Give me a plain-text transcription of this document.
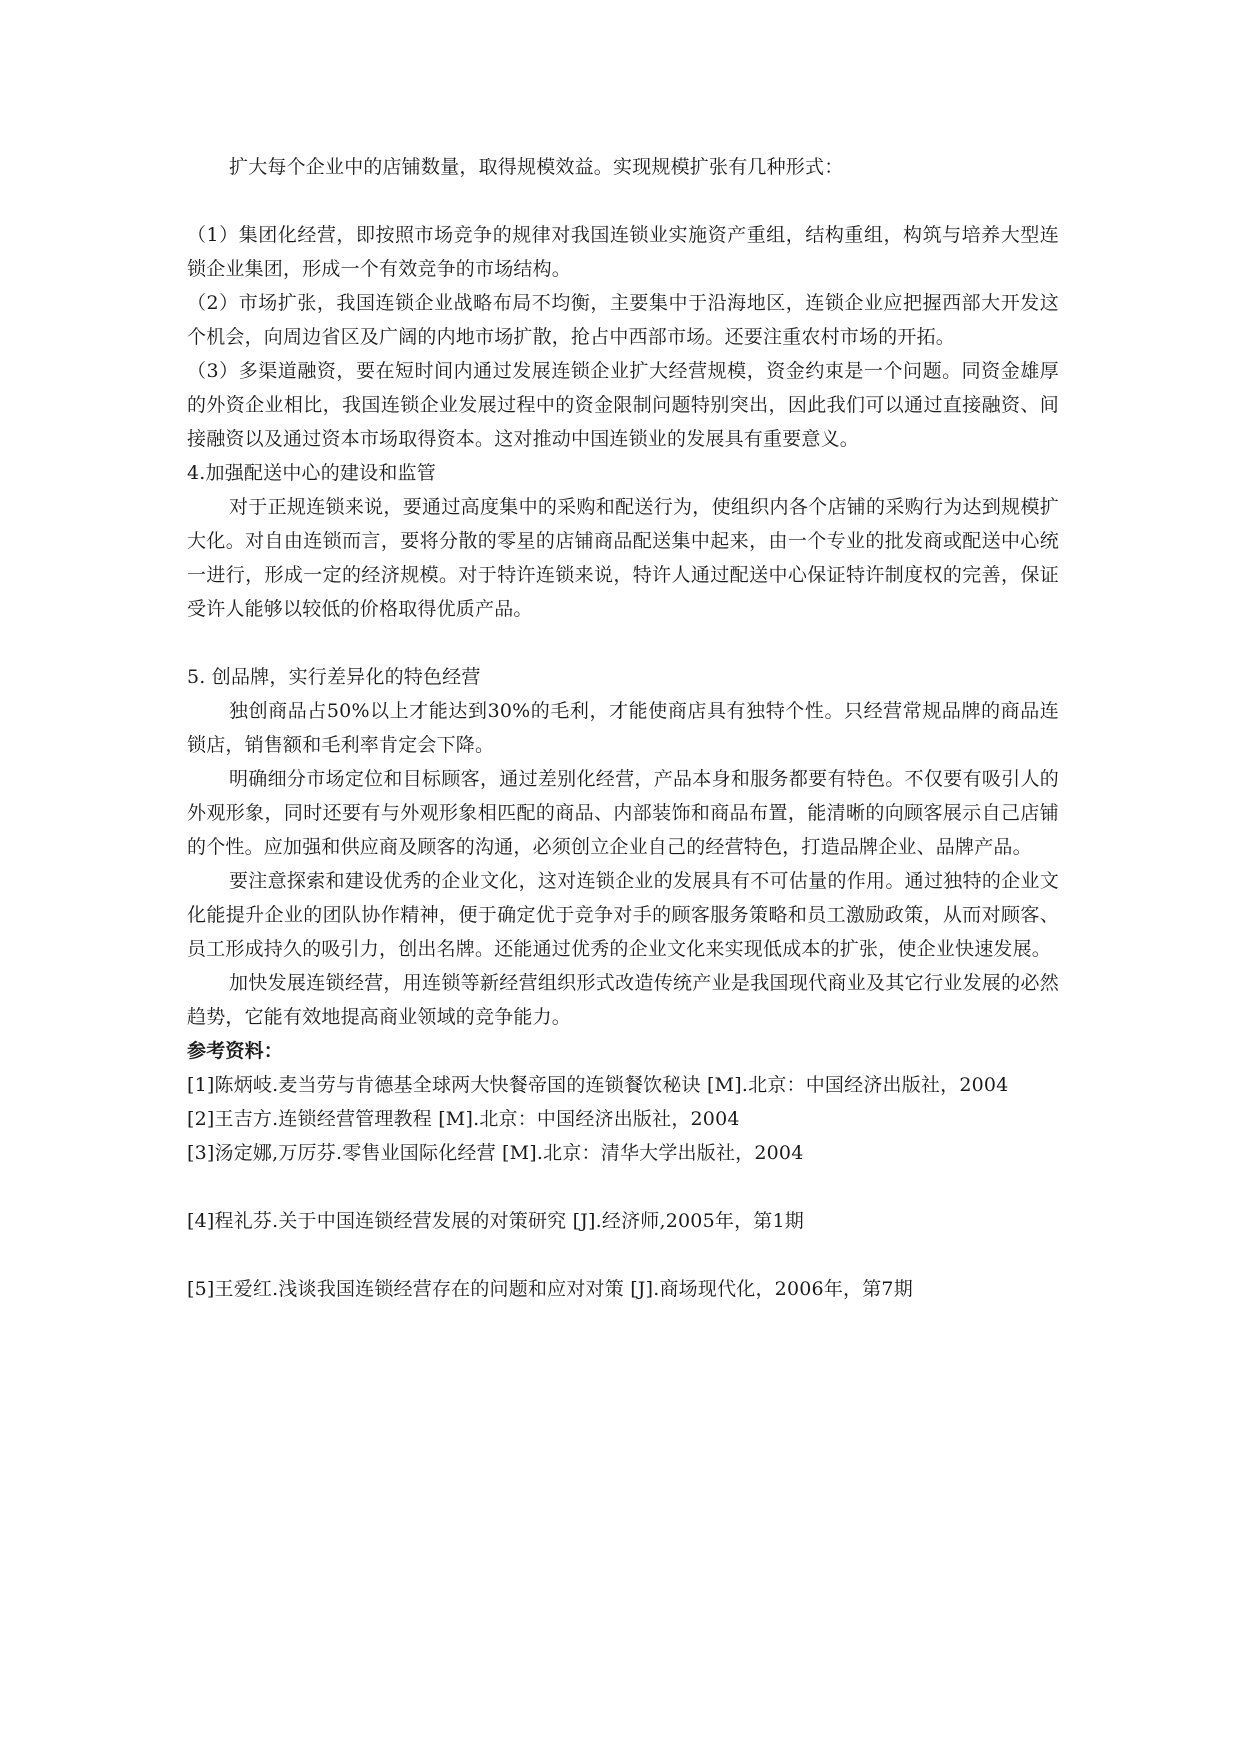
扩大每个企业中的店铺数量，取得规模效益。实现规模扩张有几种形式：

（1）集团化经营，即按照市场竞争的规律对我国连锁业实施资产重组，结构重组，构筑与培养大型连锁企业集团，形成一个有效竞争的市场结构。

（2）市场扩张，我国连锁企业战略布局不均衡，主要集中于沿海地区，连锁企业应把握西部大开发这个机会，向周边省区及广阔的内地市场扩散，抢占中西部市场。还要注重农村市场的开拓。

（3）多渠道融资，要在短时间内通过发展连锁企业扩大经营规模，资金约束是一个问题。同资金雄厚的外资企业相比，我国连锁企业发展过程中的资金限制问题特别突出，因此我们可以通过直接融资、间接融资以及通过资本市场取得资本。这对推动中国连锁业的发展具有重要意义。

4.加强配送中心的建设和监管

对于正规连锁来说，要通过高度集中的采购和配送行为，使组织内各个店铺的采购行为达到规模扩大化。对自由连锁而言，要将分散的零星的店铺商品配送集中起来，由一个专业的批发商或配送中心统一进行，形成一定的经济规模。对于特许连锁来说，特许人通过配送中心保证特许制度权的完善，保证受许人能够以较低的价格取得优质产品。

5. 创品牌，实行差异化的特色经营

独创商品占50%以上才能达到30%的毛利，才能使商店具有独特个性。只经营常规品牌的商品连锁店，销售额和毛利率肯定会下降。

明确细分市场定位和目标顾客，通过差别化经营，产品本身和服务都要有特色。不仅要有吸引人的外观形象，同时还要有与外观形象相匹配的商品、内部装饰和商品布置，能清晰的向顾客展示自己店铺的个性。应加强和供应商及顾客的沟通，必须创立企业自己的经营特色，打造品牌企业、品牌产品。

要注意探索和建设优秀的企业文化，这对连锁企业的发展具有不可估量的作用。通过独特的企业文化能提升企业的团队协作精神，便于确定优于竞争对手的顾客服务策略和员工激励政策，从而对顾客、员工形成持久的吸引力，创出名牌。还能通过优秀的企业文化来实现低成本的扩张，使企业快速发展。

加快发展连锁经营，用连锁等新经营组织形式改造传统产业是我国现代商业及其它行业发展的必然趋势，它能有效地提高商业领域的竞争能力。

参考资料：

[1]陈炳岐.麦当劳与肯德基全球两大快餐帝国的连锁餐饮秘诀 [M].北京：中国经济出版社，2004

[2]王吉方.连锁经营管理教程 [M].北京：中国经济出版社，2004

[3]汤定娜,万厉芬.零售业国际化经营 [M].北京：清华大学出版社，2004

[4]程礼芬.关于中国连锁经营发展的对策研究 [J].经济师,2005年，第1期

[5]王爱红.浅谈我国连锁经营存在的问题和应对对策 [J].商场现代化，2006年，第7期
